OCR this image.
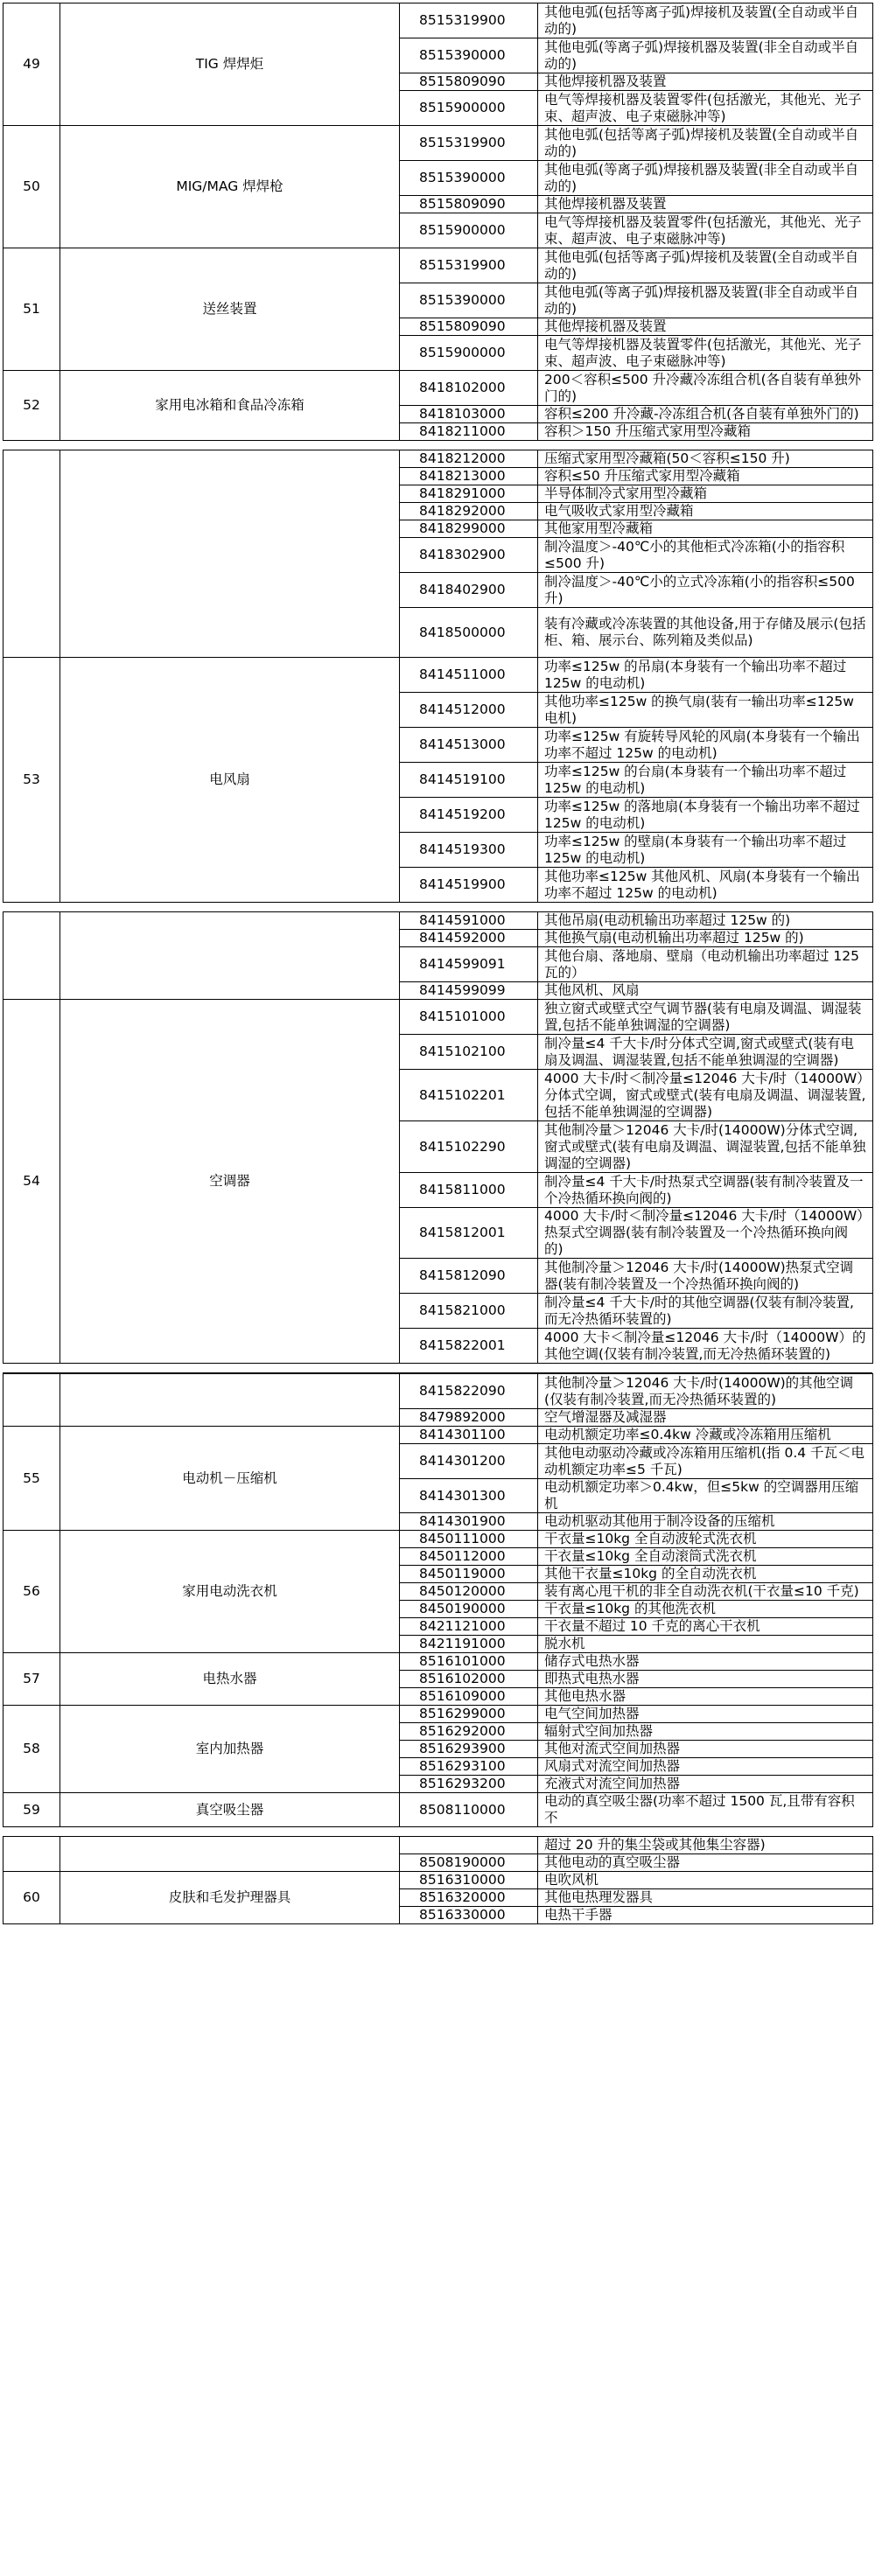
49	TIG 焊焊炬	8515319900	其他电弧(包括等离子弧)焊接机及装置(全自动或半自动的)
		8515390000	其他电弧(等离子弧)焊接机器及装置(非全自动或半自动的)
		8515809090	其他焊接机器及装置
		8515900000	电气等焊接机器及装置零件(包括激光，其他光、光子束、超声波、电子束磁脉冲等)
50	MIG/MAG 焊焊枪	8515319900	其他电弧(包括等离子弧)焊接机及装置(全自动或半自动的)
		8515390000	其他电弧(等离子弧)焊接机器及装置(非全自动或半自动的)
		8515809090	其他焊接机器及装置
		8515900000	电气等焊接机器及装置零件(包括激光，其他光、光子束、超声波、电子束磁脉冲等)
51	送丝装置	8515319900	其他电弧(包括等离子弧)焊接机及装置(全自动或半自动的)
		8515390000	其他电弧(等离子弧)焊接机器及装置(非全自动或半自动的)
		8515809090	其他焊接机器及装置
		8515900000	电气等焊接机器及装置零件(包括激光，其他光、光子束、超声波、电子束磁脉冲等)
52	家用电冰箱和食品冷冻箱	8418102000	200＜容积≤500 升冷藏冷冻组合机(各自装有单独外门的)
		8418103000	容积≤200 升冷藏-冷冻组合机(各自装有单独外门的)
		8418211000	容积＞150 升压缩式家用型冷藏箱
		8418212000	压缩式家用型冷藏箱(50＜容积≤150 升)
		8418213000	容积≤50 升压缩式家用型冷藏箱
		8418291000	半导体制冷式家用型冷藏箱
		8418292000	电气吸收式家用型冷藏箱
		8418299000	其他家用型冷藏箱
		8418302900	制冷温度＞-40℃小的其他柜式冷冻箱(小的指容积≤500 升)
		8418402900	制冷温度＞-40℃小的立式冷冻箱(小的指容积≤500 升)
		8418500000	装有冷藏或冷冻装置的其他设备,用于存储及展示(包括柜、箱、展示台、陈列箱及类似品)
53	电风扇	8414511000	功率≤125w 的吊扇(本身装有一个输出功率不超过125w 的电动机)
		8414512000	其他功率≤125w 的换气扇(装有一输出功率≤125w 电机)
		8414513000	功率≤125w 有旋转导风轮的风扇(本身装有一个输出功率不超过 125w 的电动机)
		8414519100	功率≤125w 的台扇(本身装有一个输出功率不超过125w 的电动机)
		8414519200	功率≤125w 的落地扇(本身装有一个输出功率不超过125w 的电动机)
		8414519300	功率≤125w 的壁扇(本身装有一个输出功率不超过125w 的电动机)
		8414519900	其他功率≤125w 其他风机、风扇(本身装有一个输出功率不超过 125w 的电动机)
		8414591000	其他吊扇(电动机输出功率超过 125w 的)
		8414592000	其他换气扇(电动机输出功率超过 125w 的)
		8414599091	其他台扇、落地扇、壁扇（电动机输出功率超过 125 瓦的）
		8414599099	其他风机、风扇
54	空调器	8415101000	独立窗式或壁式空气调节器(装有电扇及调温、调湿装置,包括不能单独调湿的空调器)
		8415102100	制冷量≤4 千大卡/时分体式空调,窗式或壁式(装有电扇及调温、调湿装置,包括不能单独调湿的空调器)
		8415102201	4000 大卡/时＜制冷量≤12046 大卡/时（14000W）分体式空调，窗式或壁式(装有电扇及调温、调湿装置,包括不能单独调湿的空调器)
		8415102290	其他制冷量＞12046 大卡/时(14000W)分体式空调,窗式或壁式(装有电扇及调温、调湿装置,包括不能单独调湿的空调器)
		8415811000	制冷量≤4 千大卡/时热泵式空调器(装有制冷装置及一个冷热循环换向阀的)
		8415812001	4000 大卡/时＜制冷量≤12046 大卡/时（14000W）热泵式空调器(装有制冷装置及一个冷热循环换向阀的)
		8415812090	其他制冷量＞12046 大卡/时(14000W)热泵式空调器(装有制冷装置及一个冷热循环换向阀的)
		8415821000	制冷量≤4 千大卡/时的其他空调器(仅装有制冷装置,而无冷热循环装置的)
		8415822001	4000 大卡＜制冷量≤12046 大卡/时（14000W）的其他空调(仅装有制冷装置,而无冷热循环装置的)
		8415822090	其他制冷量＞12046 大卡/时(14000W)的其他空调(仅装有制冷装置,而无冷热循环装置的)
		8479892000	空气增湿器及减湿器
55	电动机－压缩机	8414301100	电动机额定功率≤0.4kw 冷藏或冷冻箱用压缩机
		8414301200	其他电动驱动冷藏或冷冻箱用压缩机(指 0.4 千瓦＜电动机额定功率≤5 千瓦)
		8414301300	电动机额定功率＞0.4kw，但≤5kw 的空调器用压缩机
		8414301900	电动机驱动其他用于制冷设备的压缩机
56	家用电动洗衣机	8450111000	干衣量≤10kg 全自动波轮式洗衣机
		8450112000	干衣量≤10kg 全自动滚筒式洗衣机
		8450119000	其他干衣量≤10kg 的全自动洗衣机
		8450120000	装有离心甩干机的非全自动洗衣机(干衣量≤10 千克)
		8450190000	干衣量≤10kg 的其他洗衣机
		8421121000	干衣量不超过 10 千克的离心干衣机
		8421191000	脱水机
57	电热水器	8516101000	储存式电热水器
		8516102000	即热式电热水器
		8516109000	其他电热水器
58	室内加热器	8516299000	电气空间加热器
		8516292000	辐射式空间加热器
		8516293900	其他对流式空间加热器
		8516293100	风扇式对流空间加热器
		8516293200	充液式对流空间加热器
59	真空吸尘器	8508110000	电动的真空吸尘器(功率不超过 1500 瓦,且带有容积不
			超过 20 升的集尘袋或其他集尘容器)
		8508190000	其他电动的真空吸尘器
60	皮肤和毛发护理器具	8516310000	电吹风机
		8516320000	其他电热理发器具
		8516330000	电热干手器
